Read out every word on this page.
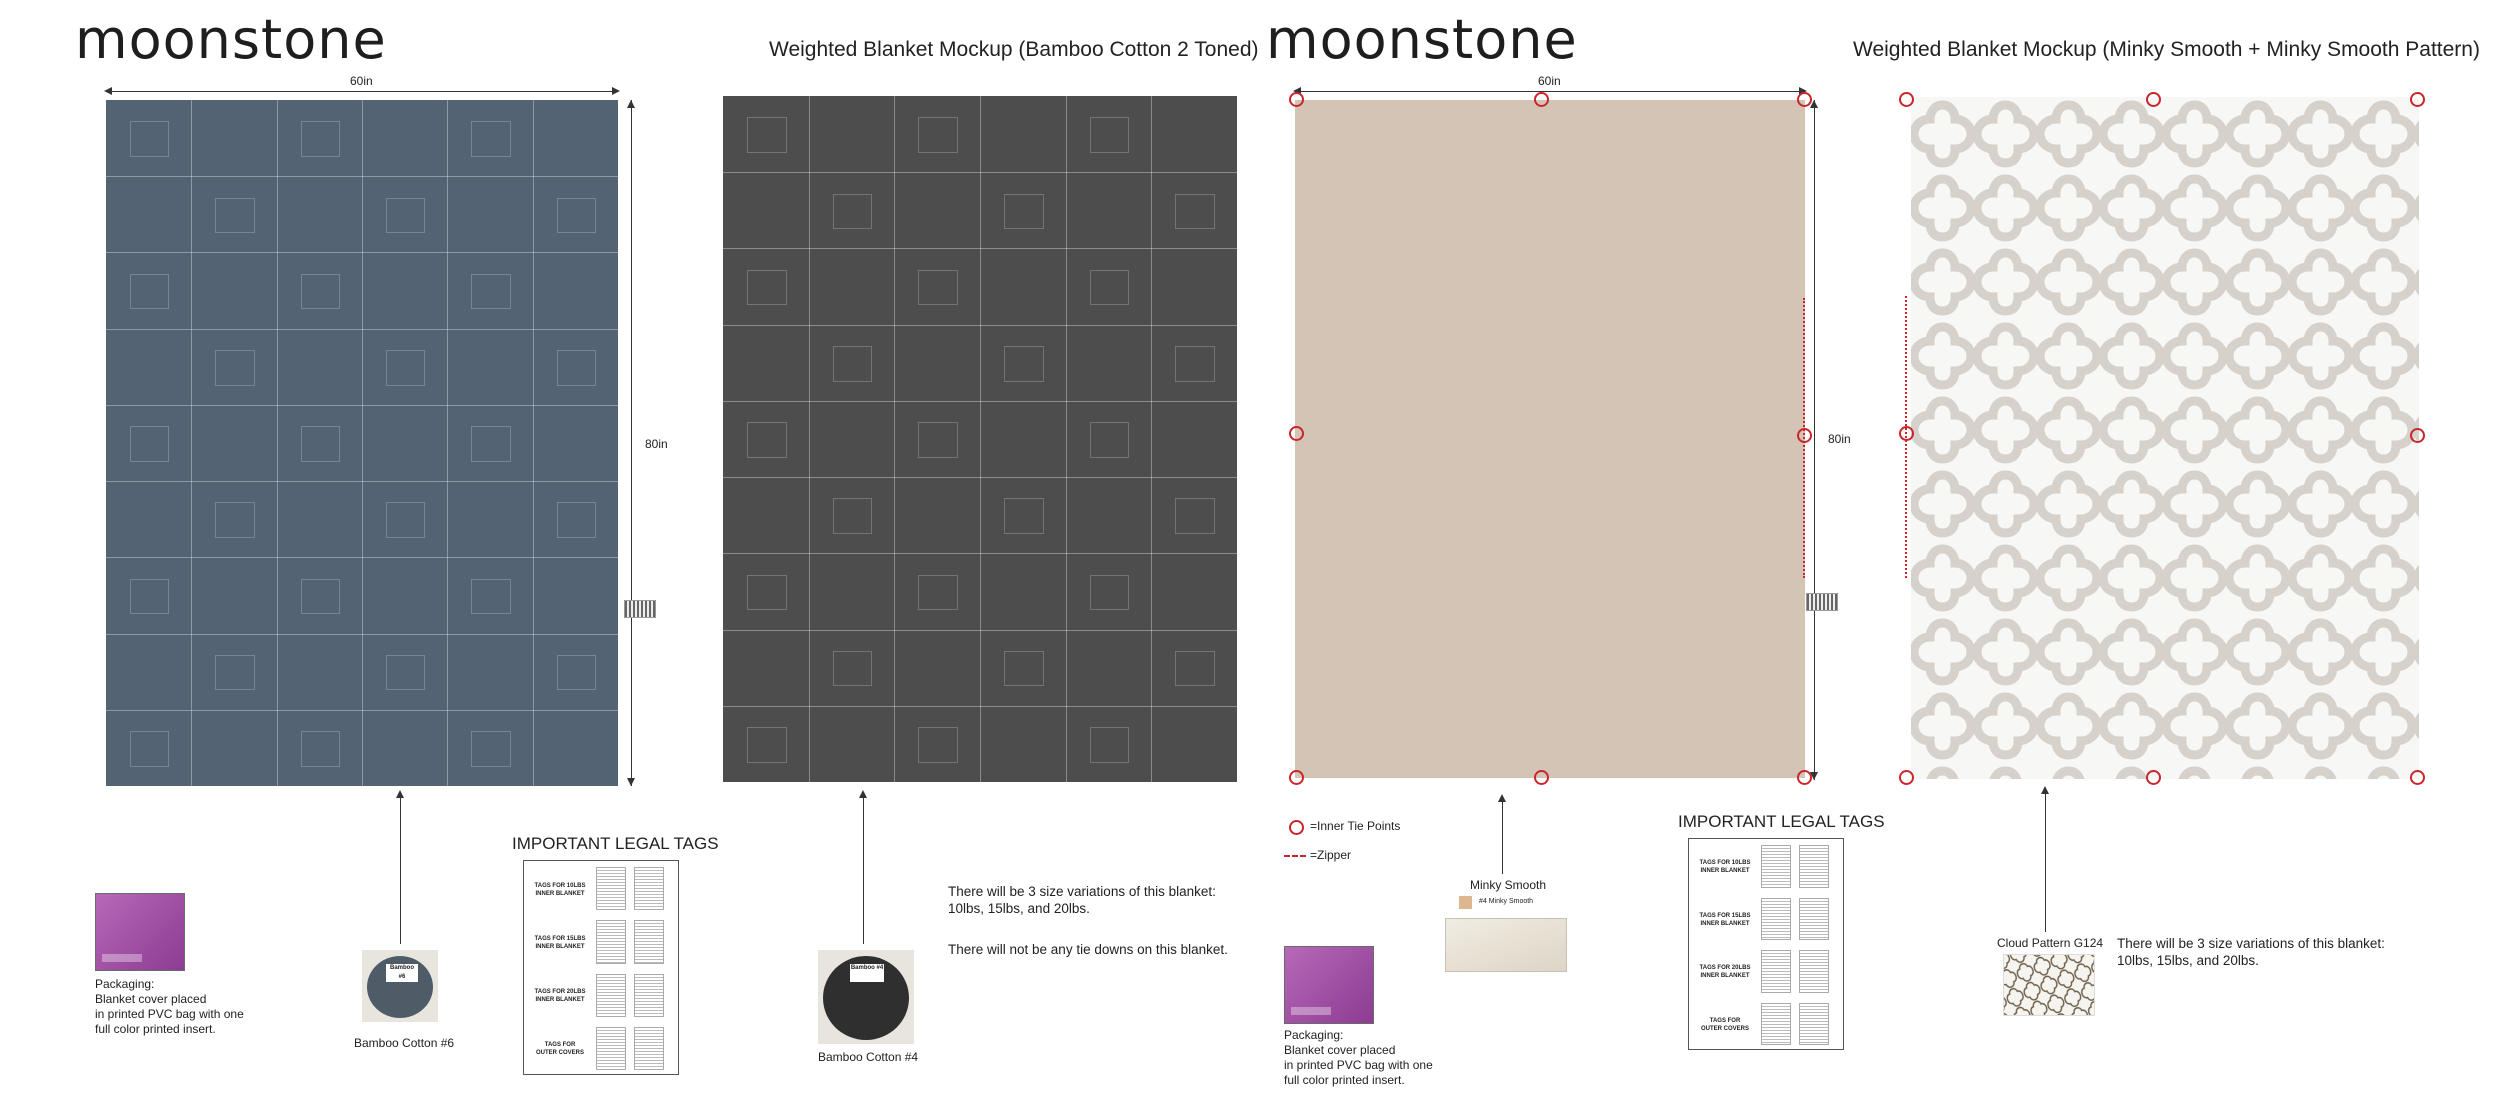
moonstone	Weighted Blanket Mockup (Bamboo Cotton 2 Toned)
60in
80in
Packaging:
Blanket cover placed
in printed PVC bag with one
full color printed insert.
Bamboo #6
Bamboo Cotton #6
IMPORTANT LEGAL TAGS
TAGS FOR 10LBS
INNER BLANKET
TAGS FOR 15LBS
INNER BLANKET
TAGS FOR 20LBS
INNER BLANKET
TAGS FOR
OUTER COVERS
Bamboo #4
Bamboo Cotton #4
There will be 3 size variations of this blanket:
10lbs, 15lbs, and 20lbs.
There will not be any tie downs on this blanket.
moonstone	Weighted Blanket Mockup (Minky Smooth + Minky Smooth Pattern)
60in
80in
=Inner Tie Points
=Zipper
Minky Smooth
#4 Minky Smooth
Packaging:
Blanket cover placed
in printed PVC bag with one
full color printed insert.
IMPORTANT LEGAL TAGS
TAGS FOR 10LBS
INNER BLANKET
TAGS FOR 15LBS
INNER BLANKET
TAGS FOR 20LBS
INNER BLANKET
TAGS FOR
OUTER COVERS
Cloud Pattern G124 There will be 3 size variations of this blanket:
10lbs, 15lbs, and 20lbs.
